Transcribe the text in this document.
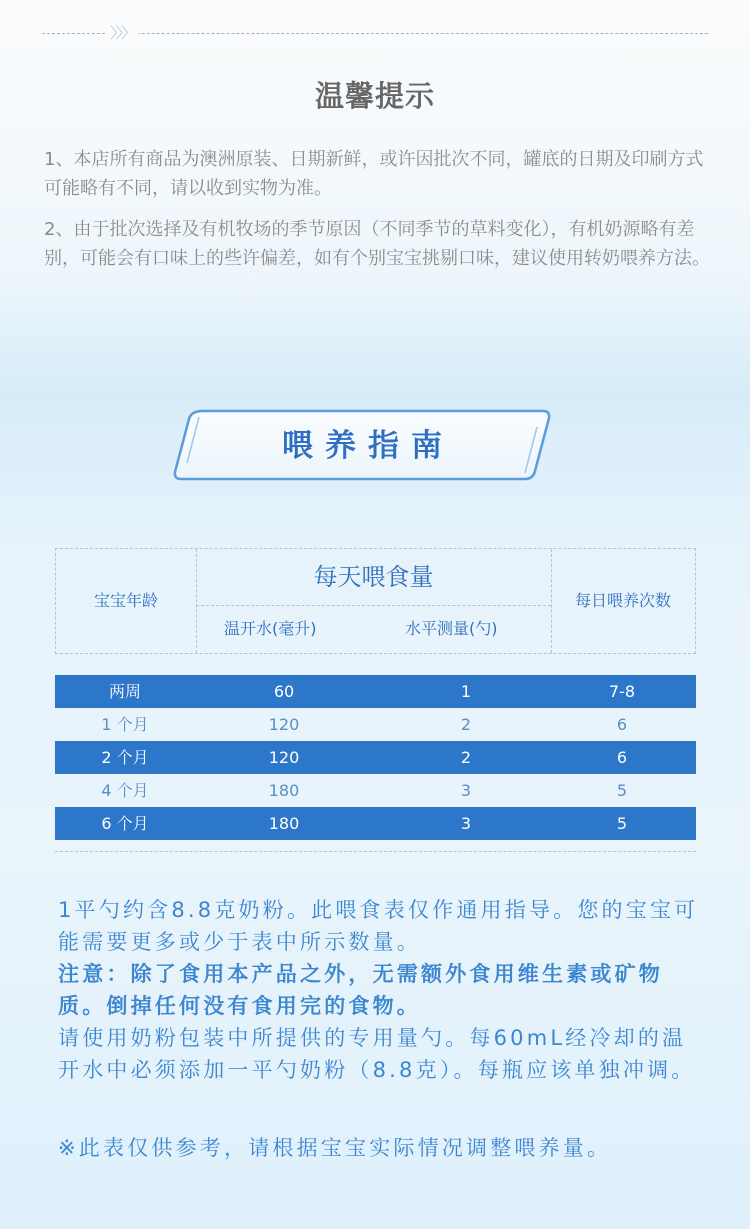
〉〉〉
温馨提示

1、本店所有商品为澳洲原装、日期新鲜，或许因批次不同，罐底的日期及印刷方式可能略有不同，请以收到实物为准。

2、由于批次选择及有机牧场的季节原因（不同季节的草料变化），有机奶源略有差别，可能会有口味上的些许偏差，如有个别宝宝挑剔口味，建议使用转奶喂养方法。

喂养指南
宝宝年龄
每天喂食量
温开水(毫升)	水平测量(勺)
每日喂养次数
两周	60	1	7-8
1 个月	120	2	6
2 个月	120	2	6
4 个月	180	3	5
6 个月	180	3	5

1平勺约含8.8克奶粉。此喂食表仅作通用指导。您的宝宝可能需要更多或少于表中所示数量。

注意：除了食用本产品之外，无需额外食用维生素或矿物质。倒掉任何没有食用完的食物。

请使用奶粉包装中所提供的专用量勺。每60mL经冷却的温开水中必须添加一平勺奶粉（8.8克）。每瓶应该单独冲调。

※此表仅供参考，请根据宝宝实际情况调整喂养量。
